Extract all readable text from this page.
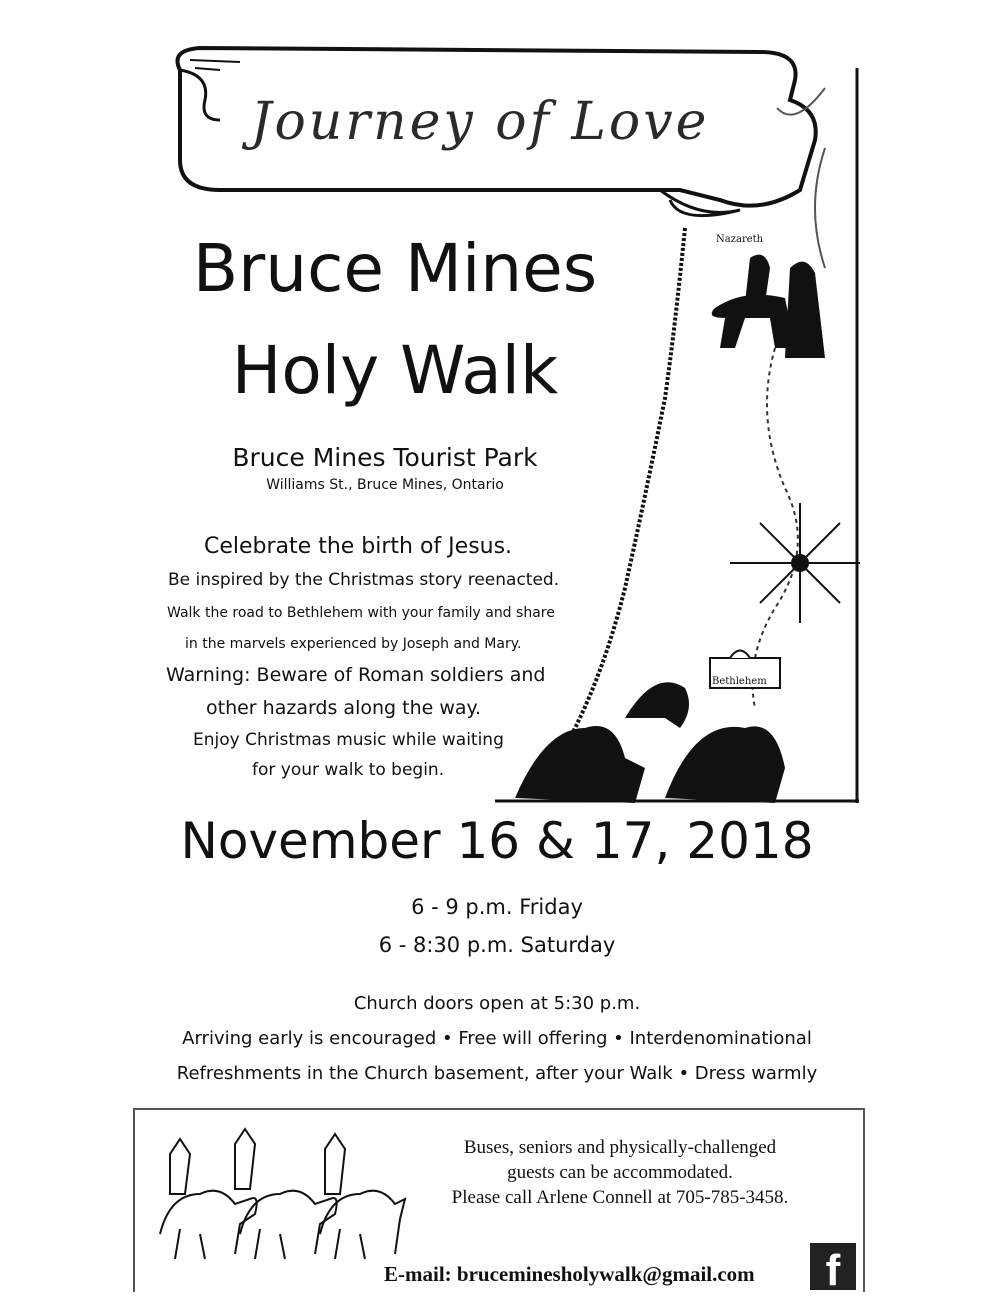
Journey of Love
Nazareth
Bethlehem
Bruce Mines
Holy Walk
Bruce Mines Tourist Park
Williams St., Bruce Mines, Ontario
Celebrate the birth of Jesus.
Be inspired by the Christmas story reenacted.
Walk the road to Bethlehem with your family and share
in the marvels experienced by Joseph and Mary.
Warning: Beware of Roman soldiers and
other hazards along the way.
Enjoy Christmas music while waiting
for your walk to begin.
November 16 & 17, 2018
6 - 9 p.m. Friday
6 - 8:30 p.m. Saturday
Church doors open at 5:30 p.m.
Arriving early is encouraged • Free will offering • Interdenominational
Refreshments in the Church basement, after your Walk • Dress warmly
Buses, seniors and physically-challenged
guests can be accommodated.
Please call Arlene Connell at 705-785-3458.
E-mail: bruceminesholywalk@gmail.com	f
